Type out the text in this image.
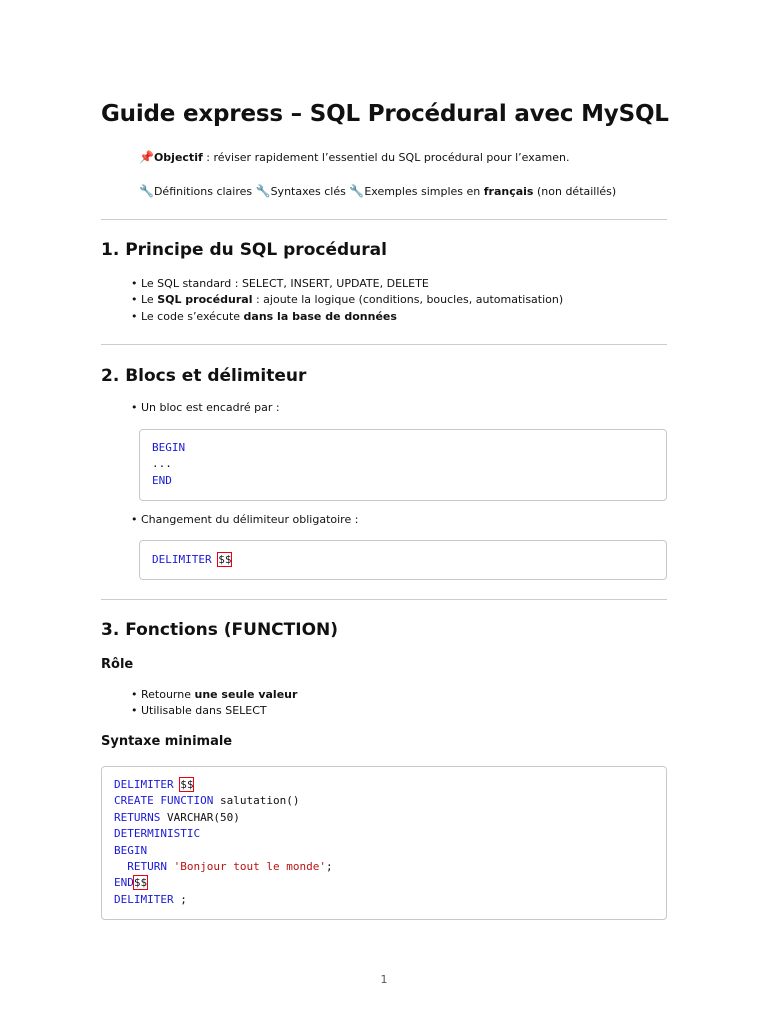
Guide express – SQL Procédural avec MySQL
📌Objectif : réviser rapidement l’essentiel du SQL procédural pour l’examen.
🔧Définitions claires 🔧Syntaxes clés 🔧Exemples simples en français (non détaillés)
1. Principe du SQL procédural
• Le SQL standard : SELECT, INSERT, UPDATE, DELETE
• Le SQL procédural : ajoute la logique (conditions, boucles, automatisation)
• Le code s’exécute dans la base de données
2. Blocs et délimiteur
• Un bloc est encadré par :
BEGIN
...
END
• Changement du délimiteur obligatoire :
DELIMITER $$
3. Fonctions (FUNCTION)
Rôle
• Retourne une seule valeur
• Utilisable dans SELECT
Syntaxe minimale
DELIMITER $$
CREATE FUNCTION salutation()
RETURNS VARCHAR(50)
DETERMINISTIC
BEGIN
RETURN 'Bonjour tout le monde';
END$$
DELIMITER ;
1
